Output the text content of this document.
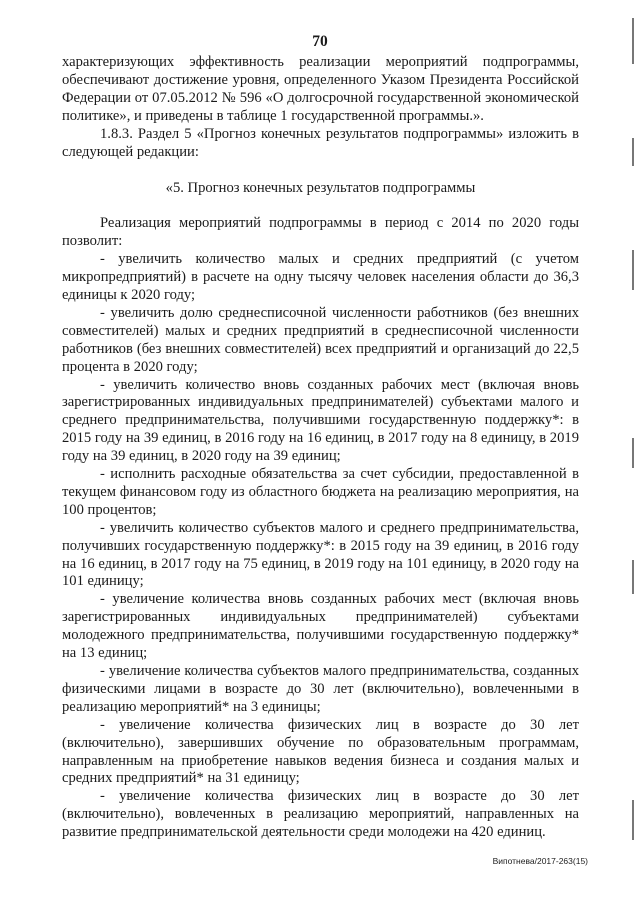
70

характеризующих эффективность реализации мероприятий подпрограммы, обеспечивают достижение уровня, определенного Указом Президента Российской Федерации от 07.05.2012 № 596 «О долгосрочной государственной экономической политике», и приведены в таблице 1 государственной программы.».

1.8.3. Раздел 5 «Прогноз конечных результатов подпрограммы» изложить в следующей редакции:

«5. Прогноз конечных результатов подпрограммы

Реализация мероприятий подпрограммы в период с 2014 по 2020 годы позволит:

- увеличить количество малых и средних предприятий (с учетом микропредприятий) в расчете на одну тысячу человек населения области до 36,3 единицы к 2020 году;

- увеличить долю среднесписочной численности работников (без внешних совместителей) малых и средних предприятий в среднесписочной численности работников (без внешних совместителей) всех предприятий и организаций до 22,5 процента в 2020 году;

- увеличить количество вновь созданных рабочих мест (включая вновь зарегистрированных индивидуальных предпринимателей) субъектами малого и среднего предпринимательства, получившими государственную поддержку*: в 2015 году на 39 единиц, в 2016 году на 16 единиц, в 2017 году на 8 единицу, в 2019 году на 39 единиц, в 2020 году на 39 единиц;

- исполнить расходные обязательства за счет субсидии, предоставленной в текущем финансовом году из областного бюджета на реализацию мероприятия, на 100 процентов;

- увеличить количество субъектов малого и среднего предпринимательства, получивших государственную поддержку*: в 2015 году на 39 единиц, в 2016 году на 16 единиц, в 2017 году на 75 единиц, в 2019 году на 101 единицу, в 2020 году на 101 единицу;

- увеличение количества вновь созданных рабочих мест (включая вновь зарегистрированных индивидуальных предпринимателей) субъектами молодежного предпринимательства, получившими государственную поддержку* на 13 единиц;

- увеличение количества субъектов малого предпринимательства, созданных физическими лицами в возрасте до 30 лет (включительно), вовлеченными в реализацию мероприятий* на 3 единицы;

- увеличение количества физических лиц в возрасте до 30 лет (включительно), завершивших обучение по образовательным программам, направленным на приобретение навыков ведения бизнеса и создания малых и средних предприятий* на 31 единицу;

- увеличение количества физических лиц в возрасте до 30 лет (включительно), вовлеченных в реализацию мероприятий, направленных на развитие предпринимательской деятельности среди молодежи на 420 единиц.

Випотнева/2017-263(15)
